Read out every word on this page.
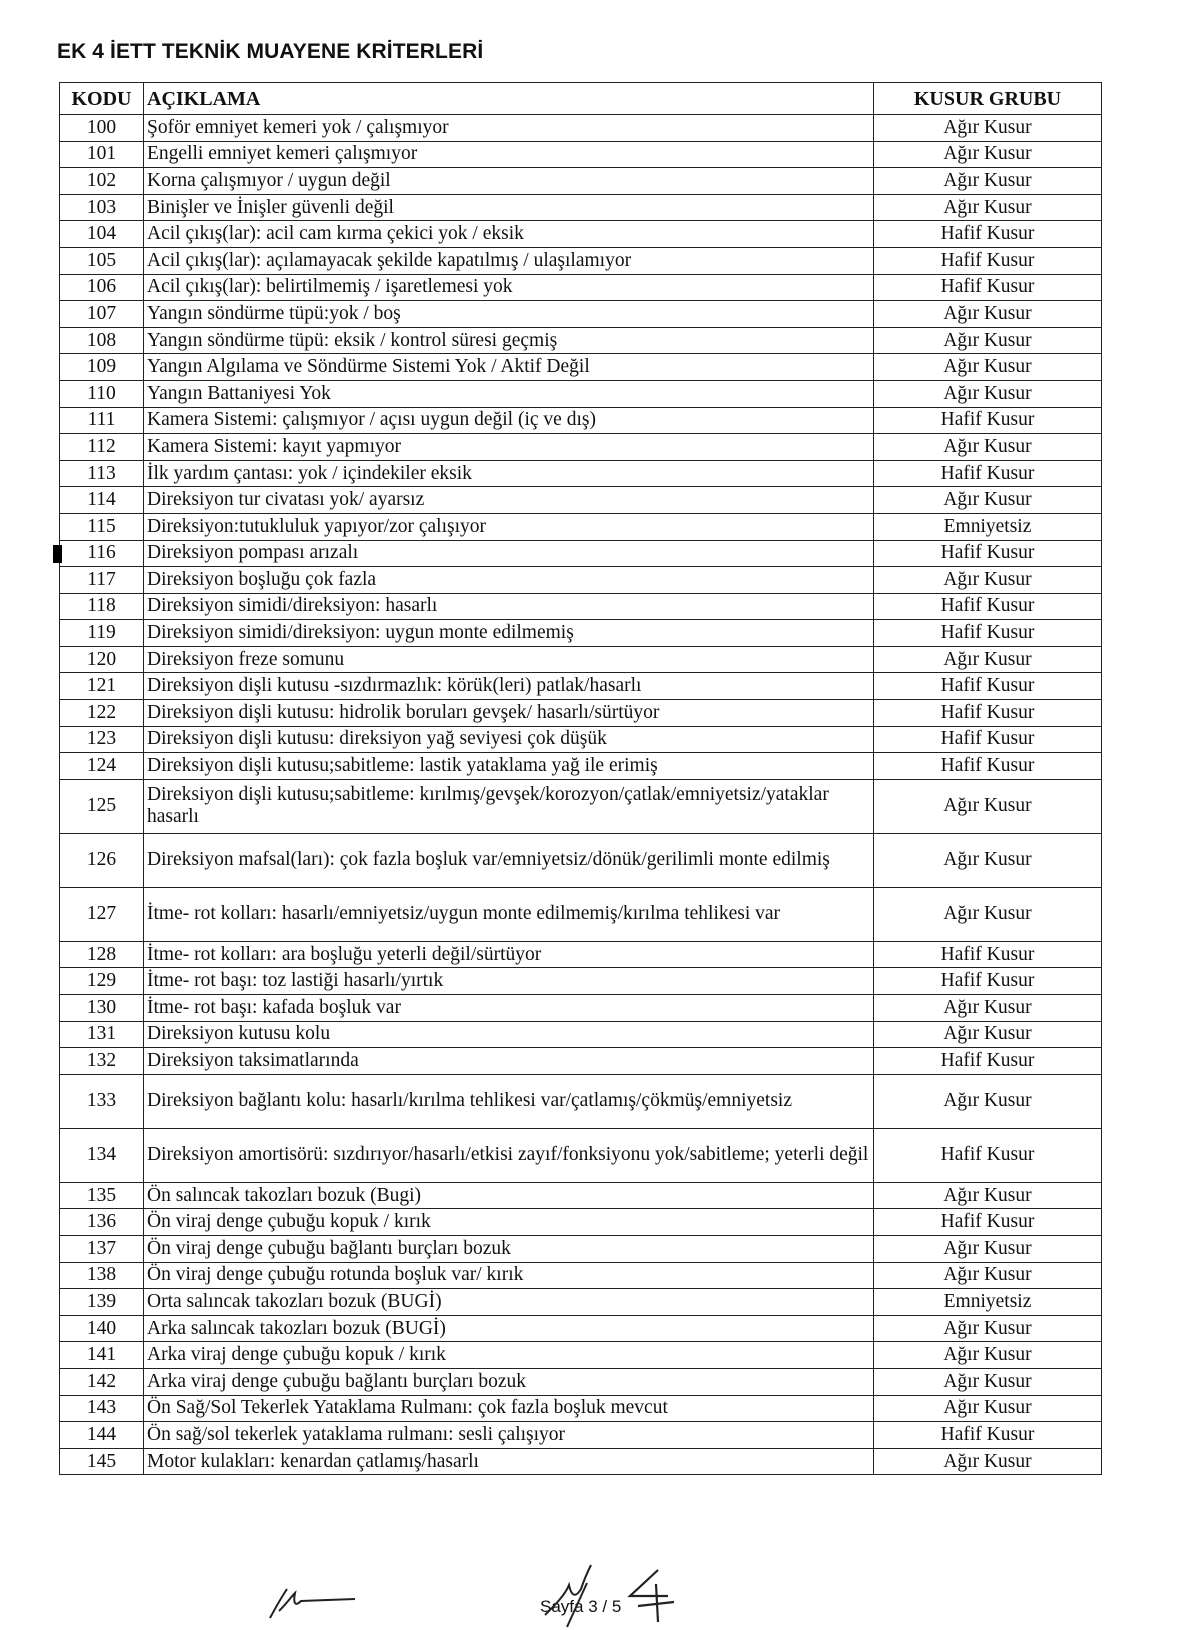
EK 4 İETT TEKNİK MUAYENE KRİTERLERİ
KODU	AÇIKLAMA	KUSUR GRUBU
100	Şoför emniyet kemeri yok / çalışmıyor	Ağır Kusur
101	Engelli emniyet kemeri çalışmıyor	Ağır Kusur
102	Korna çalışmıyor / uygun değil	Ağır Kusur
103	Binişler ve İnişler güvenli değil	Ağır Kusur
104	Acil çıkış(lar): acil cam kırma çekici yok / eksik	Hafif Kusur
105	Acil çıkış(lar): açılamayacak şekilde kapatılmış / ulaşılamıyor	Hafif Kusur
106	Acil çıkış(lar): belirtilmemiş / işaretlemesi yok	Hafif Kusur
107	Yangın söndürme tüpü:yok / boş	Ağır Kusur
108	Yangın söndürme tüpü: eksik / kontrol süresi geçmiş	Ağır Kusur
109	Yangın Algılama ve Söndürme Sistemi Yok / Aktif Değil	Ağır Kusur
110	Yangın Battaniyesi Yok	Ağır Kusur
111	Kamera Sistemi: çalışmıyor / açısı uygun değil (iç ve dış)	Hafif Kusur
112	Kamera Sistemi: kayıt yapmıyor	Ağır Kusur
113	İlk yardım çantası: yok / içindekiler eksik	Hafif Kusur
114	Direksiyon tur civatası yok/ ayarsız	Ağır Kusur
115	Direksiyon:tutukluluk yapıyor/zor çalışıyor	Emniyetsiz
116	Direksiyon pompası arızalı	Hafif Kusur
117	Direksiyon boşluğu çok fazla	Ağır Kusur
118	Direksiyon simidi/direksiyon: hasarlı	Hafif Kusur
119	Direksiyon simidi/direksiyon: uygun monte edilmemiş	Hafif Kusur
120	Direksiyon freze somunu	Ağır Kusur
121	Direksiyon dişli kutusu -sızdırmazlık: körük(leri) patlak/hasarlı	Hafif Kusur
122	Direksiyon dişli kutusu: hidrolik boruları gevşek/ hasarlı/sürtüyor	Hafif Kusur
123	Direksiyon dişli kutusu: direksiyon yağ seviyesi çok düşük	Hafif Kusur
124	Direksiyon dişli kutusu;sabitleme: lastik yataklama yağ ile erimiş	Hafif Kusur
125	Direksiyon dişli kutusu;sabitleme: kırılmış/gevşek/korozyon/çatlak/emniyetsiz/yataklar hasarlı	Ağır Kusur
126	Direksiyon mafsal(ları): çok fazla boşluk var/emniyetsiz/dönük/gerilimli monte edilmiş	Ağır Kusur
127	İtme- rot kolları: hasarlı/emniyetsiz/uygun monte edilmemiş/kırılma tehlikesi var	Ağır Kusur
128	İtme- rot kolları: ara boşluğu yeterli değil/sürtüyor	Hafif Kusur
129	İtme- rot başı: toz lastiği hasarlı/yırtık	Hafif Kusur
130	İtme- rot başı: kafada boşluk var	Ağır Kusur
131	Direksiyon kutusu kolu	Ağır Kusur
132	Direksiyon taksimatlarında	Hafif Kusur
133	Direksiyon bağlantı kolu: hasarlı/kırılma tehlikesi var/çatlamış/çökmüş/emniyetsiz	Ağır Kusur
134	Direksiyon amortisörü: sızdırıyor/hasarlı/etkisi zayıf/fonksiyonu yok/sabitleme; yeterli değil	Hafif Kusur
135	Ön salıncak takozları bozuk (Bugi)	Ağır Kusur
136	Ön viraj denge çubuğu kopuk / kırık	Hafif Kusur
137	Ön viraj denge çubuğu bağlantı burçları bozuk	Ağır Kusur
138	Ön viraj denge çubuğu rotunda boşluk var/ kırık	Ağır Kusur
139	Orta salıncak takozları bozuk (BUGİ)	Emniyetsiz
140	Arka salıncak takozları bozuk (BUGİ)	Ağır Kusur
141	Arka viraj denge çubuğu kopuk / kırık	Ağır Kusur
142	Arka viraj denge çubuğu bağlantı burçları bozuk	Ağır Kusur
143	Ön Sağ/Sol Tekerlek Yataklama Rulmanı: çok fazla boşluk mevcut	Ağır Kusur
144	Ön sağ/sol tekerlek yataklama rulmanı: sesli çalışıyor	Hafif Kusur
145	Motor kulakları: kenardan çatlamış/hasarlı	Ağır Kusur
Sayfa 3 / 5
